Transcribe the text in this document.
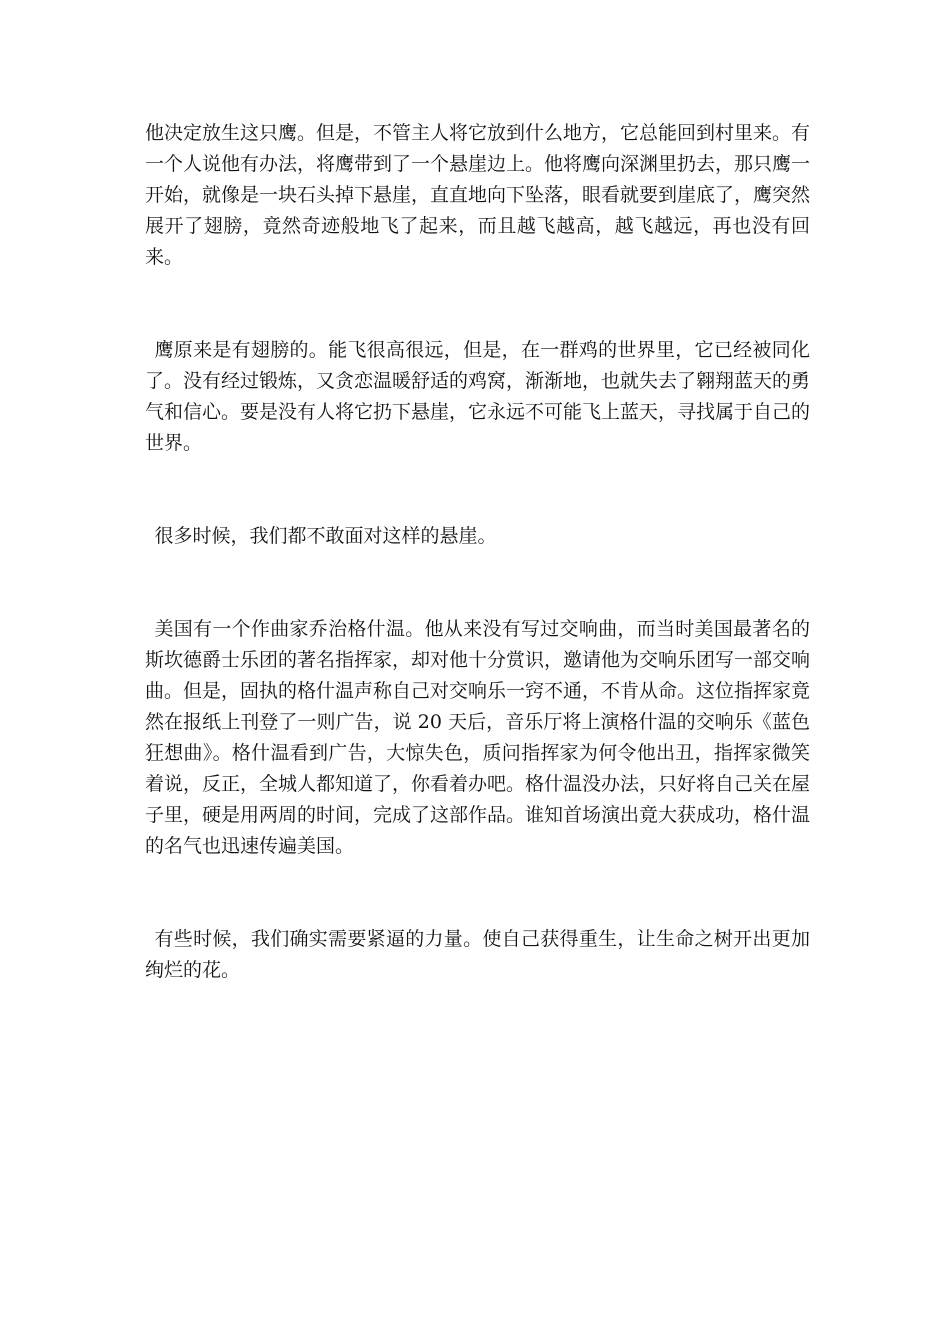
他决定放生这只鹰。但是，不管主人将它放到什么地方，它总能回到村里来。有一个人说他有办法，将鹰带到了一个悬崖边上。他将鹰向深渊里扔去，那只鹰一开始，就像是一块石头掉下悬崖，直直地向下坠落，眼看就要到崖底了，鹰突然展开了翅膀，竟然奇迹般地飞了起来，而且越飞越高，越飞越远，再也没有回来。

鹰原来是有翅膀的。能飞很高很远，但是，在一群鸡的世界里，它已经被同化了。没有经过锻炼，又贪恋温暖舒适的鸡窝，渐渐地，也就失去了翱翔蓝天的勇气和信心。要是没有人将它扔下悬崖，它永远不可能飞上蓝天，寻找属于自己的世界。

很多时候，我们都不敢面对这样的悬崖。

美国有一个作曲家乔治格什温。他从来没有写过交响曲，而当时美国最著名的斯坎德爵士乐团的著名指挥家，却对他十分赏识，邀请他为交响乐团写一部交响曲。但是，固执的格什温声称自己对交响乐一窍不通，不肯从命。这位指挥家竟然在报纸上刊登了一则广告，说 20 天后，音乐厅将上演格什温的交响乐《蓝色狂想曲》。格什温看到广告，大惊失色，质问指挥家为何令他出丑，指挥家微笑着说，反正，全城人都知道了，你看着办吧。格什温没办法，只好将自己关在屋子里，硬是用两周的时间，完成了这部作品。谁知首场演出竟大获成功，格什温的名气也迅速传遍美国。

有些时候，我们确实需要紧逼的力量。使自己获得重生，让生命之树开出更加绚烂的花。
